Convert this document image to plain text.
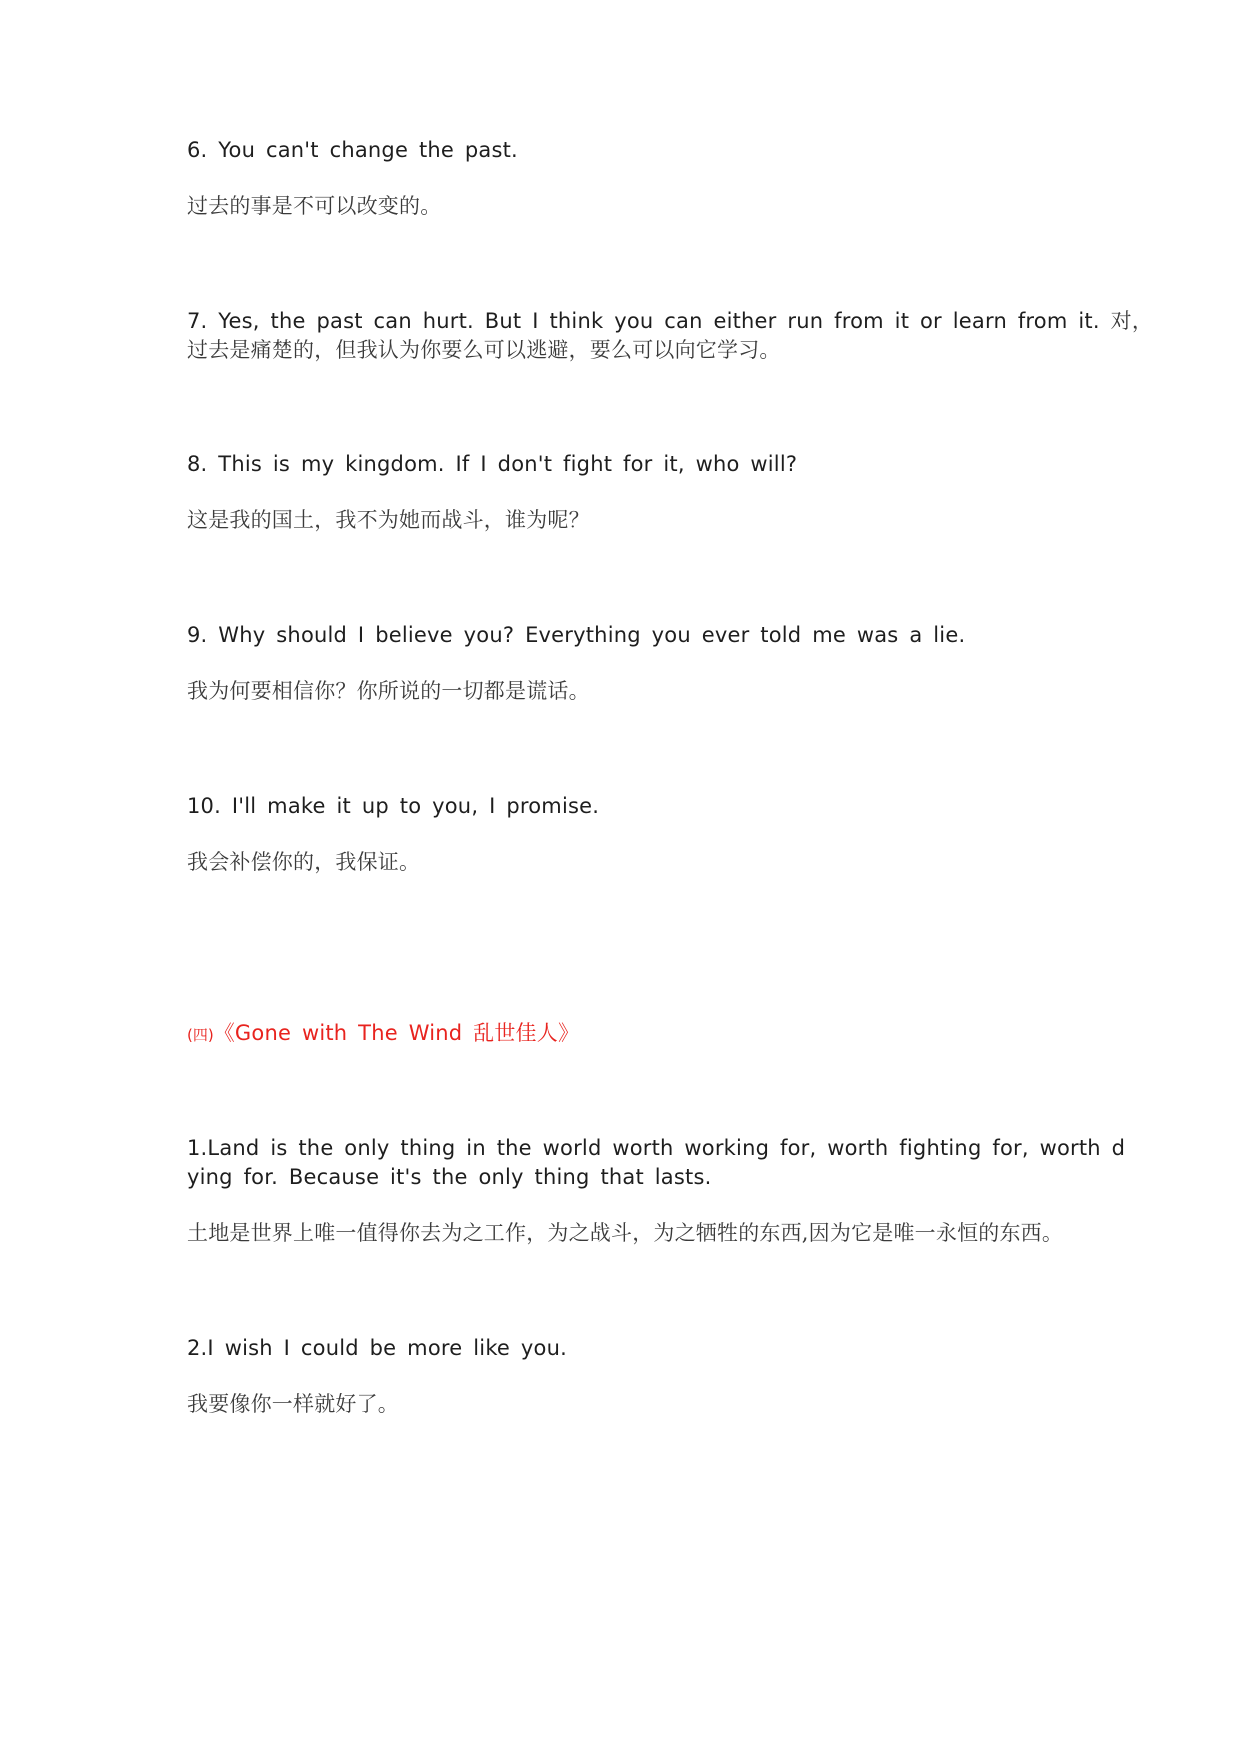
6. You can't change the past.
过去的事是不可以改变的。
7. Yes, the past can hurt. But I think you can either run from it or learn from it. 对，
过去是痛楚的，但我认为你要么可以逃避，要么可以向它学习。
8. This is my kingdom. If I don't fight for it, who will?
这是我的国土，我不为她而战斗，谁为呢？
9. Why should I believe you? Everything you ever told me was a lie.
我为何要相信你？你所说的一切都是谎话。
10. I'll make it up to you, I promise.
我会补偿你的，我保证。
(四)《Gone with The Wind 乱世佳人》
1.Land is the only thing in the world worth working for, worth fighting for, worth d
ying for. Because it's the only thing that lasts.
土地是世界上唯一值得你去为之工作，为之战斗，为之牺牲的东西,因为它是唯一永恒的东西。
2.I wish I could be more like you.
我要像你一样就好了。
